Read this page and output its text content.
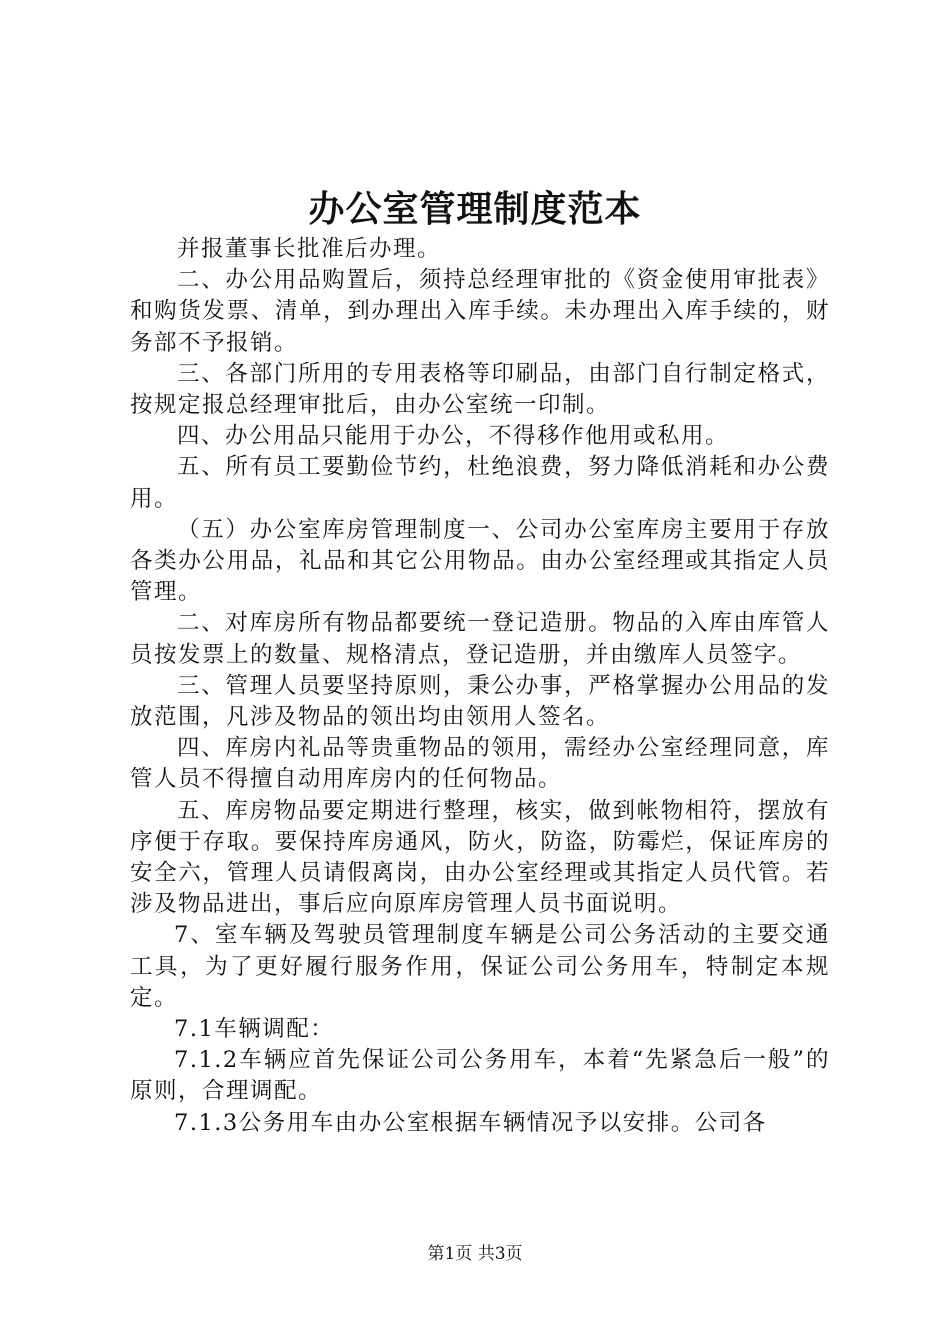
办公室管理制度范本

并报董事长批准后办理。

二、办公用品购置后，须持总经理审批的《资金使用审批表》和购货发票、清单，到办理出入库手续。未办理出入库手续的，财务部不予报销。

三、各部门所用的专用表格等印刷品，由部门自行制定格式，按规定报总经理审批后，由办公室统一印制。

四、办公用品只能用于办公，不得移作他用或私用。

五、所有员工要勤俭节约，杜绝浪费，努力降低消耗和办公费用。

（五）办公室库房管理制度一、公司办公室库房主要用于存放各类办公用品，礼品和其它公用物品。由办公室经理或其指定人员管理。

二、对库房所有物品都要统一登记造册。物品的入库由库管人员按发票上的数量、规格清点，登记造册，并由缴库人员签字。

三、管理人员要坚持原则，秉公办事，严格掌握办公用品的发放范围，凡涉及物品的领出均由领用人签名。

四、库房内礼品等贵重物品的领用，需经办公室经理同意，库管人员不得擅自动用库房内的任何物品。

五、库房物品要定期进行整理，核实，做到帐物相符，摆放有序便于存取。要保持库房通风，防火，防盗，防霉烂，保证库房的安全六，管理人员请假离岗，由办公室经理或其指定人员代管。若涉及物品进出，事后应向原库房管理人员书面说明。

7、室车辆及驾驶员管理制度车辆是公司公务活动的主要交通工具，为了更好履行服务作用，保证公司公务用车，特制定本规定。

7.1车辆调配：

7.1.2车辆应首先保证公司公务用车，本着“先紧急后一般”的原则，合理调配。

7.1.3公务用车由办公室根据车辆情况予以安排。公司各

第1页 共3页
